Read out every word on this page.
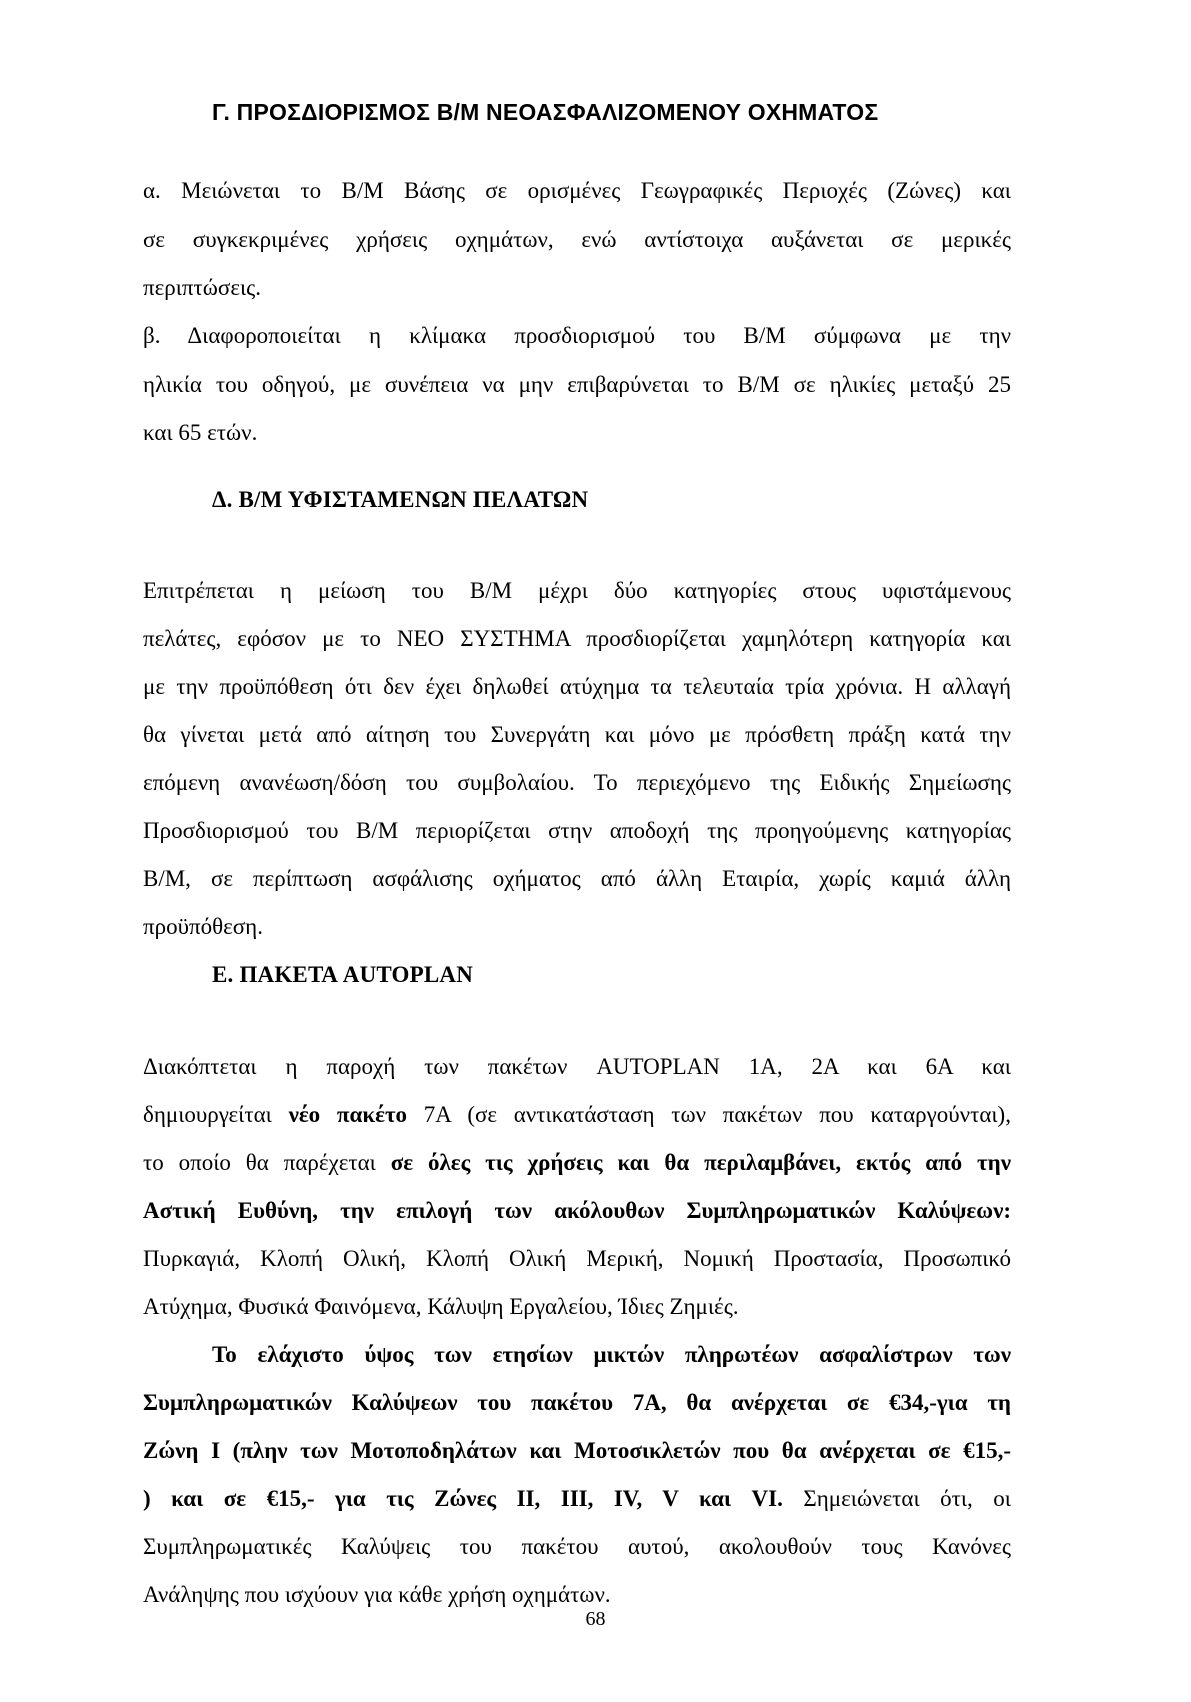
Γ. ΠΡΟΣΔΙΟΡΙΣΜΟΣ Β/Μ ΝΕΟΑΣΦΑΛΙΖΟΜΕΝΟΥ ΟΧΗΜΑΤΟΣ
α. Μειώνεται το Β/Μ Βάσης σε ορισμένες Γεωγραφικές Περιοχές (Ζώνες) και
σε συγκεκριμένες χρήσεις οχημάτων, ενώ αντίστοιχα αυξάνεται σε μερικές
περιπτώσεις.
β. Διαφοροποιείται η κλίμακα προσδιορισμού του Β/Μ σύμφωνα με την
ηλικία του οδηγού, με συνέπεια να μην επιβαρύνεται το Β/Μ σε ηλικίες μεταξύ 25
και 65 ετών.
Δ. Β/Μ ΥΦΙΣΤΑΜΕΝΩΝ ΠΕΛΑΤΩΝ
Επιτρέπεται η μείωση του Β/Μ μέχρι δύο κατηγορίες στους υφιστάμενους
πελάτες, εφόσον με το ΝΕΟ ΣΥΣΤΗΜΑ προσδιορίζεται χαμηλότερη κατηγορία και
με την προϋπόθεση ότι δεν έχει δηλωθεί ατύχημα τα τελευταία τρία χρόνια. Η αλλαγή
θα γίνεται μετά από αίτηση του Συνεργάτη και μόνο με πρόσθετη πράξη κατά την
επόμενη ανανέωση/δόση του συμβολαίου. Το περιεχόμενο της Ειδικής Σημείωσης
Προσδιορισμού του Β/Μ περιορίζεται στην αποδοχή της προηγούμενης κατηγορίας
Β/Μ, σε περίπτωση ασφάλισης οχήματος από άλλη Εταιρία, χωρίς καμιά άλλη
προϋπόθεση.
Ε. ΠΑΚΕΤΑ AUTOPLAN
Διακόπτεται η παροχή των πακέτων AUTOPLAN 1A, 2A και 6A και
δημιουργείται νέο πακέτο 7Α (σε αντικατάσταση των πακέτων που καταργούνται),
το οποίο θα παρέχεται σε όλες τις χρήσεις και θα περιλαμβάνει, εκτός από την
Αστική Ευθύνη, την επιλογή των ακόλουθων Συμπληρωματικών Καλύψεων:
Πυρκαγιά, Κλοπή Ολική, Κλοπή Ολική Μερική, Νομική Προστασία, Προσωπικό
Ατύχημα, Φυσικά Φαινόμενα, Κάλυψη Εργαλείου, Ίδιες Ζημιές.
Το ελάχιστο ύψος των ετησίων μικτών πληρωτέων ασφαλίστρων των
Συμπληρωματικών Καλύψεων του πακέτου 7Α, θα ανέρχεται σε €34,-για τη
Ζώνη I (πλην των Μοτοποδηλάτων και Μοτοσικλετών που θα ανέρχεται σε €15,-
) και σε €15,- για τις Ζώνες II, III, IV, V και VI. Σημειώνεται ότι, οι
Συμπληρωματικές Καλύψεις του πακέτου αυτού, ακολουθούν τους Κανόνες
Ανάληψης που ισχύουν για κάθε χρήση οχημάτων.
68
